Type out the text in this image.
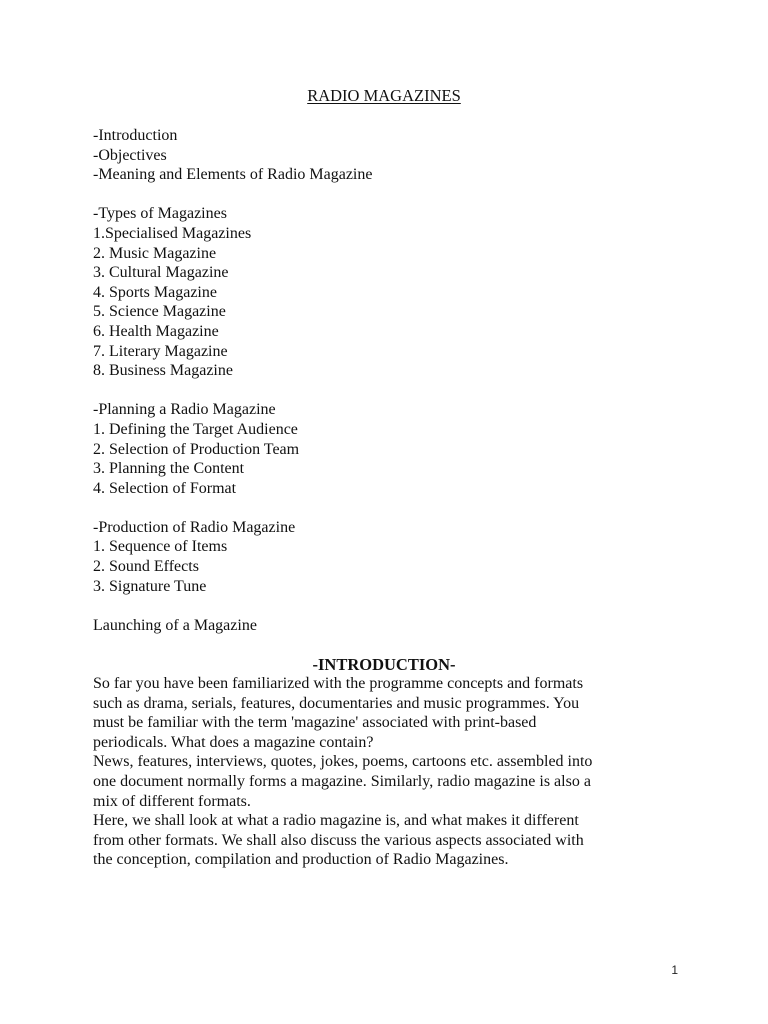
RADIO MAGAZINES
-Introduction
-Objectives
-Meaning and Elements of Radio Magazine
-Types of Magazines
1.Specialised Magazines
2. Music Magazine
3. Cultural Magazine
4. Sports Magazine
5. Science Magazine
6. Health Magazine
7. Literary Magazine
8. Business Magazine
-Planning a Radio Magazine
1. Defining the Target Audience
2. Selection of Production Team
3. Planning the Content
4. Selection of Format
-Production of Radio Magazine
1. Sequence of Items
2. Sound Effects
3. Signature Tune
Launching of a Magazine
-INTRODUCTION-
So far you have been familiarized with the programme concepts and formats
such as drama, serials, features, documentaries and music programmes. You
must be familiar with the term 'magazine' associated with print-based
periodicals. What does a magazine contain?
News, features, interviews, quotes, jokes, poems, cartoons etc. assembled into
one document normally forms a magazine. Similarly, radio magazine is also a
mix of different formats.
Here, we shall look at what a radio magazine is, and what makes it different
from other formats. We shall also discuss the various aspects associated with
the conception, compilation and production of Radio Magazines.
1
